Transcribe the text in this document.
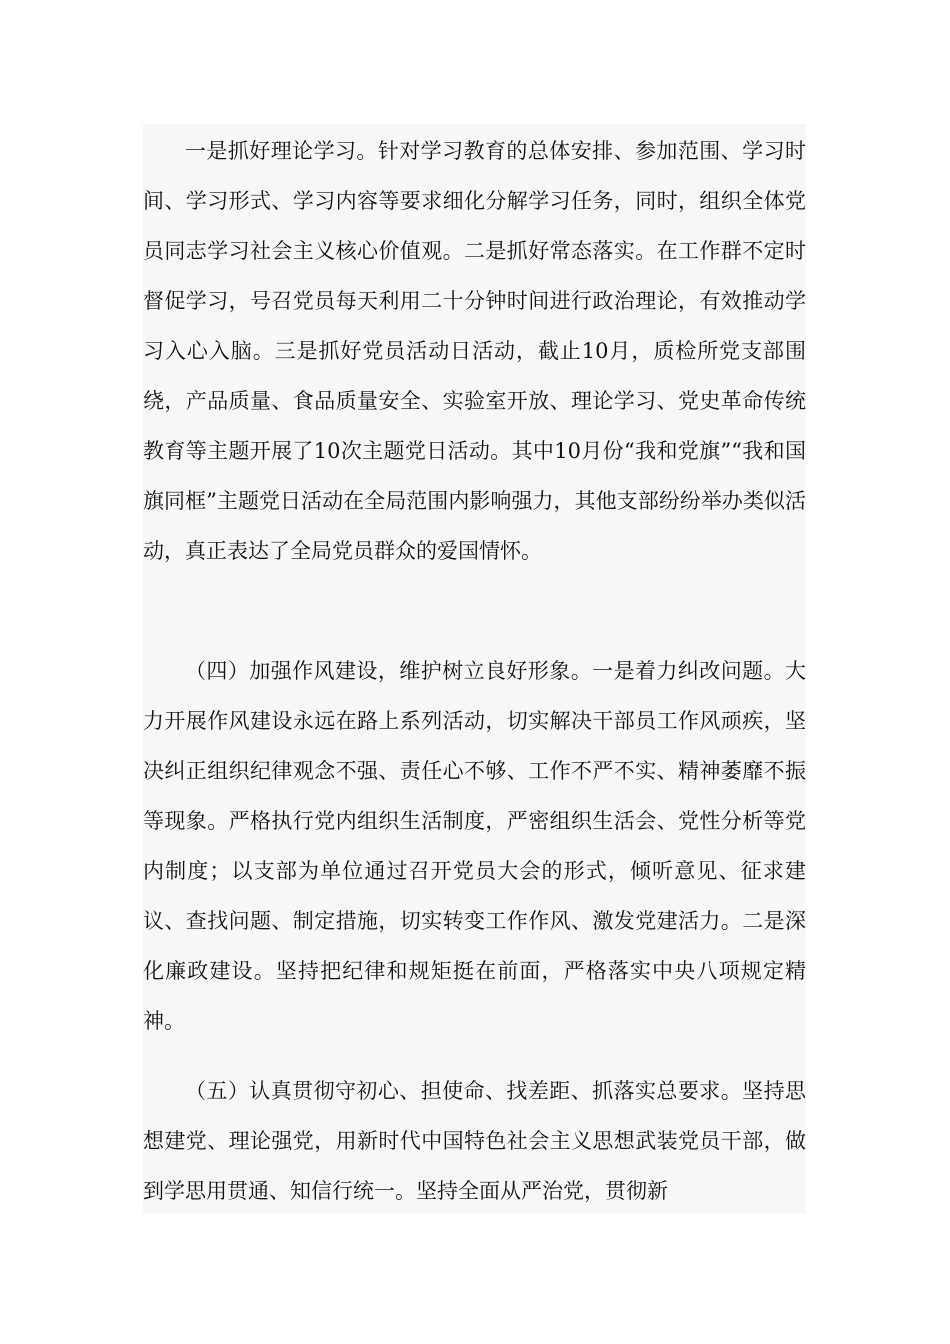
一是抓好理论学习。针对学习教育的总体安排、参加范围、学习时间、学习形式、学习内容等要求细化分解学习任务，同时，组织全体党员同志学习社会主义核心价值观。二是抓好常态落实。在工作群不定时督促学习，号召党员每天利用二十分钟时间进行政治理论，有效推动学习入心入脑。三是抓好党员活动日活动，截止10月，质检所党支部围绕，产品质量、食品质量安全、实验室开放、理论学习、党史革命传统教育等主题开展了10次主题党日活动。其中10月份“我和党旗”“我和国旗同框”主题党日活动在全局范围内影响强力，其他支部纷纷举办类似活动，真正表达了全局党员群众的爱国情怀。

（四）加强作风建设，维护树立良好形象。一是着力纠改问题。大力开展作风建设永远在路上系列活动，切实解决干部员工作风顽疾，坚决纠正组织纪律观念不强、责任心不够、工作不严不实、精神萎靡不振等现象。严格执行党内组织生活制度，严密组织生活会、党性分析等党内制度；以支部为单位通过召开党员大会的形式，倾听意见、征求建议、查找问题、制定措施，切实转变工作作风、激发党建活力。二是深化廉政建设。坚持把纪律和规矩挺在前面，严格落实中央八项规定精神。

（五）认真贯彻守初心、担使命、找差距、抓落实总要求。坚持思想建党、理论强党，用新时代中国特色社会主义思想武装党员干部，做到学思用贯通、知信行统一。坚持全面从严治党，贯彻新
